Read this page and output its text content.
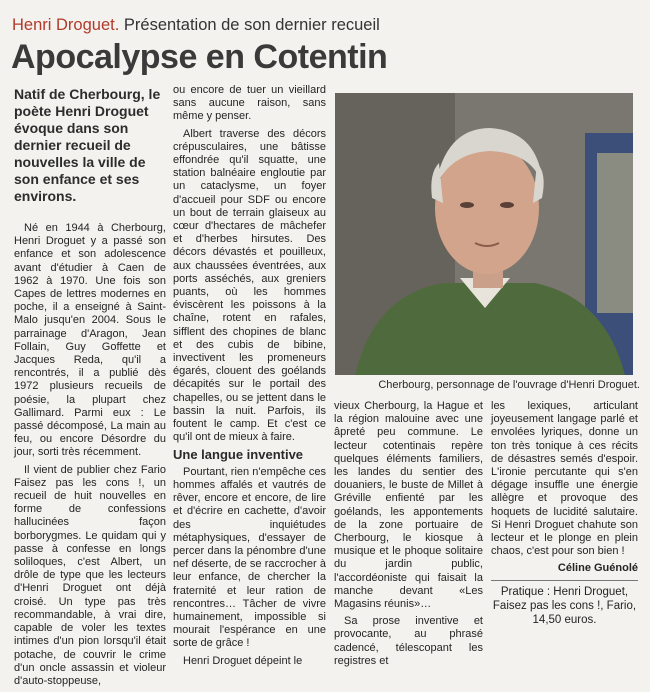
Henri Droguet. Présentation de son dernier recueil
Apocalypse en Cotentin

Natif de Cherbourg, le poète Henri Droguet évoque dans son dernier recueil de nouvelles la ville de son enfance et ses environs.

Né en 1944 à Cherbourg, Henri Droguet y a passé son enfance et son adolescence avant d'étudier à Caen de 1962 à 1970. Une fois son Capes de lettres modernes en poche, il a enseigné à Saint-Malo jusqu'en 2004. Sous le parrainage d'Aragon, Jean Follain, Guy Goffette et Jacques Reda, qu'il a rencontrés, il a publié dès 1972 plusieurs recueils de poésie, la plupart chez Gallimard. Parmi eux : Le passé décomposé, La main au feu, ou encore Désordre du jour, sorti très récemment.

Il vient de publier chez Fario Faisez pas les cons !, un recueil de huit nouvelles en forme de confessions hallucinées façon borborygmes. Le quidam qui y passe à confesse en longs soliloques, c'est Albert, un drôle de type que les lecteurs d'Henri Droguet ont déjà croisé. Un type pas très recommandable, à vrai dire, capable de voler les textes intimes d'un pion lorsqu'il était potache, de couvrir le crime d'un oncle assassin et violeur d'auto-stoppeuse,

ou encore de tuer un vieillard sans aucune raison, sans même y penser.

Albert traverse des décors crépusculaires, une bâtisse effondrée qu'il squatte, une station balnéaire engloutie par un cataclysme, un foyer d'accueil pour SDF ou encore un bout de terrain glaiseux au cœur d'hectares de mâchefer et d'herbes hirsutes. Des décors dévastés et pouilleux, aux chaussées éventrées, aux ports asséchés, aux greniers puants, où les hommes éviscèrent les poissons à la chaîne, rotent en rafales, sifflent des chopines de blanc et des cubis de bibine, invectivent les promeneurs égarés, clouent des goélands décapités sur le portail des chapelles, ou se jettent dans le bassin la nuit. Parfois, ils foutent le camp. Et c'est ce qu'il ont de mieux à faire.

Une langue inventive

Pourtant, rien n'empêche ces hommes affalés et vautrés de rêver, encore et encore, de lire et d'écrire en cachette, d'avoir des inquiétudes métaphysiques, d'essayer de percer dans la pénombre d'une nef déserte, de se raccrocher à leur enfance, de chercher la fraternité et leur ration de rencontres… Tâcher de vivre humainement, impossible si mourait l'espérance en une sorte de grâce !

Henri Droguet dépeint le

Cherbourg, personnage de l'ouvrage d'Henri Droguet.

vieux Cherbourg, la Hague et la région malouine avec une âpreté peu commune. Le lecteur cotentinais repère quelques éléments familiers, les landes du sentier des douaniers, le buste de Millet à Gréville enfienté par les goélands, les appontements de la zone portuaire de Cherbourg, le kiosque à musique et le phoque solitaire du jardin public, l'accordéoniste qui faisait la manche devant «Les Magasins réunis»…

Sa prose inventive et provocante, au phrasé cadencé, télescopant les registres et

les lexiques, articulant joyeusement langage parlé et envolées lyriques, donne un ton très tonique à ces récits de désastres semés d'espoir. L'ironie percutante qui s'en dégage insuffle une énergie allègre et provoque des hoquets de lucidité salutaire. Si Henri Droguet chahute son lecteur et le plonge en plein chaos, c'est pour son bien !

Céline Guénolé

Pratique : Henri Droguet, Faisez pas les cons !, Fario, 14,50 euros.
